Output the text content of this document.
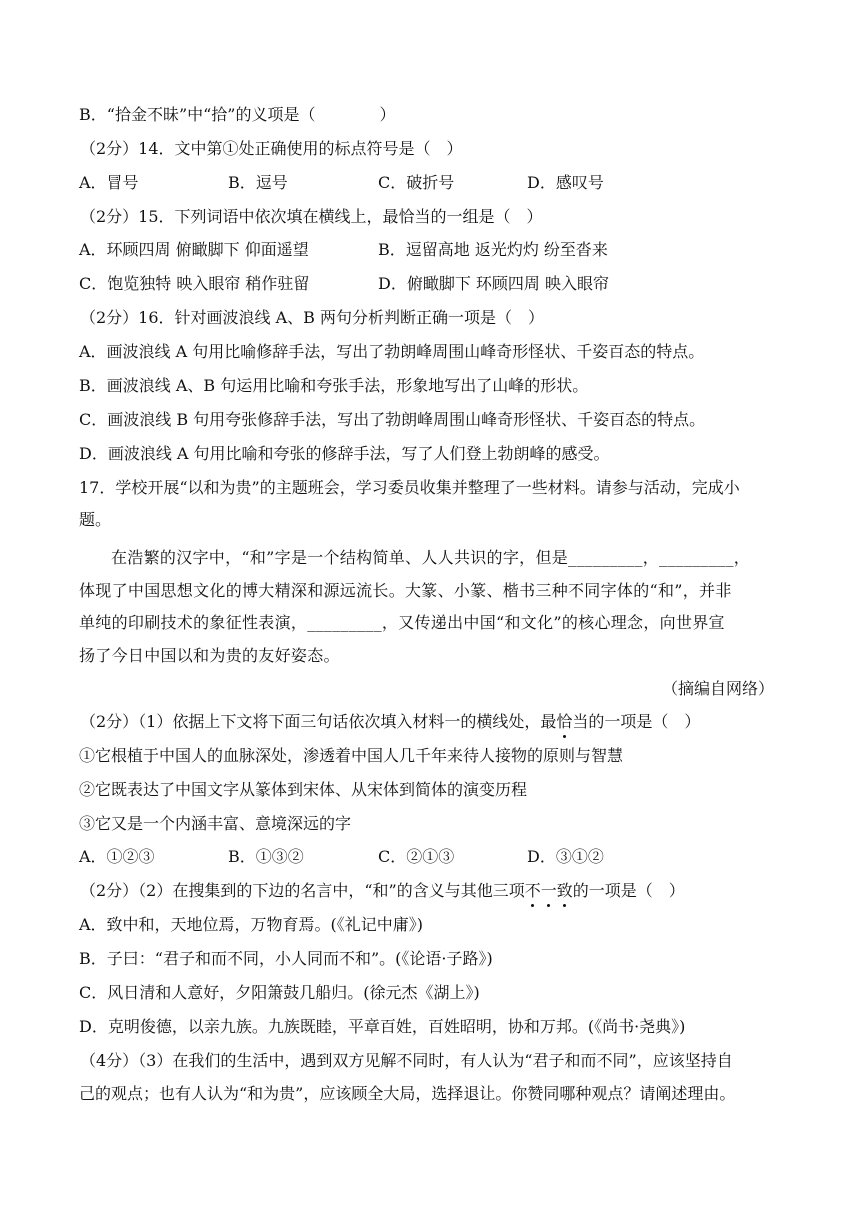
B．“拾金不昧”中“拾”的义项是（　　　　）
（2分）14．文中第①处正确使用的标点符号是（　）
A．冒号	B．逗号	C．破折号	D．感叹号
（2分）15．下列词语中依次填在横线上，最恰当的一组是（　）
A．环顾四周 俯瞰脚下 仰面遥望	B．逗留高地 返光灼灼 纷至沓来
C．饱览独特 映入眼帘 稍作驻留	D．俯瞰脚下 环顾四周 映入眼帘
（2分）16．针对画波浪线 A、B 两句分析判断正确一项是（　）
A．画波浪线 A 句用比喻修辞手法，写出了勃朗峰周围山峰奇形怪状、千姿百态的特点。
B．画波浪线 A、B 句运用比喻和夸张手法，形象地写出了山峰的形状。
C．画波浪线 B 句用夸张修辞手法，写出了勃朗峰周围山峰奇形怪状、千姿百态的特点。
D．画波浪线 A 句用比喻和夸张的修辞手法，写了人们登上勃朗峰的感受。
17．学校开展“以和为贵”的主题班会，学习委员收集并整理了一些材料。请参与活动，完成小
题。
在浩繁的汉字中，“和”字是一个结构简单、人人共识的字，但是_________，_________，
体现了中国思想文化的博大精深和源远流长。大篆、小篆、楷书三种不同字体的“和”，并非
单纯的印刷技术的象征性表演，_________，又传递出中国“和文化”的核心理念，向世界宣
扬了今日中国以和为贵的友好姿态。
（摘编自网络）
（2分）（1）依据上下文将下面三句话依次填入材料一的横线处，最恰当的一项是（　）
①它根植于中国人的血脉深处，渗透着中国人几千年来待人接物的原则与智慧
②它既表达了中国文字从篆体到宋体、从宋体到简体的演变历程
③它又是一个内涵丰富、意境深远的字
A．①②③	B．①③②	C．②①③	D．③①②
（2分）（2）在搜集到的下边的名言中，“和”的含义与其他三项不一致的一项是（　）
A．致中和，天地位焉，万物育焉。(《礼记中庸》)
B．子曰：“君子和而不同，小人同而不和”。(《论语·子路》)
C．风日清和人意好，夕阳箫鼓几船归。(徐元杰《湖上》)
D．克明俊德，以亲九族。九族既睦，平章百姓，百姓昭明，协和万邦。(《尚书·尧典》)
（4分）（3）在我们的生活中，遇到双方见解不同时，有人认为“君子和而不同”，应该坚持自
己的观点；也有人认为“和为贵”，应该顾全大局，选择退让。你赞同哪种观点？请阐述理由。
